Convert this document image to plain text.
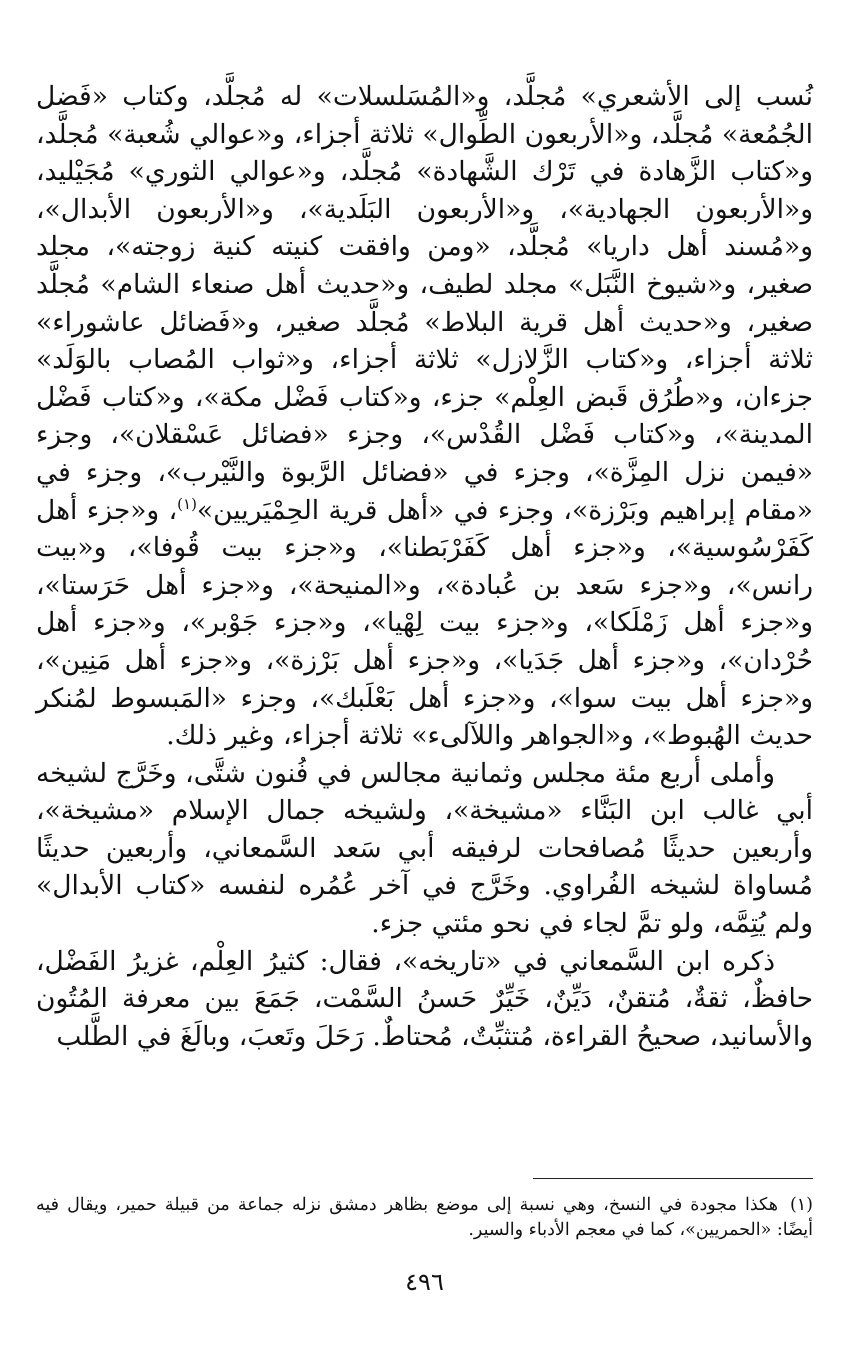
نُسب إلى الأشعري» مُجلَّد، و«المُسَلسلات» له مُجلَّد، وكتاب «فَضل الجُمُعة» مُجلَّد، و«الأربعون الطِّوال» ثلاثة أجزاء، و«عوالي شُعبة» مُجلَّد، و«كتاب الزَّهادة في تَرْك الشَّهادة» مُجلَّد، و«عوالي الثوري» مُجَيْليد، و«الأربعون الجهادية»، و«الأربعون البَلَدية»، و«الأربعون الأبدال»، و«مُسند أهل داريا» مُجلَّد، «ومن وافقت كنيته كنية زوجته»، مجلد صغير، و«شيوخ النَّبَل» مجلد لطيف، و«حديث أهل صنعاء الشام» مُجلَّد صغير، و«حديث أهل قرية البلاط» مُجلَّد صغير، و«فَضائل عاشوراء» ثلاثة أجزاء، و«كتاب الزَّلازل» ثلاثة أجزاء، و«ثواب المُصاب بالوَلَد» جزءان، و«طُرُق قَبض العِلْم» جزء، و«كتاب فَضْل مكة»، و«كتاب فَضْل المدينة»، و«كتاب فَضْل القُدْس»، وجزء «فضائل عَسْقلان»، وجزء «فيمن نزل المِزَّة»، وجزء في «فضائل الرَّبوة والنَّيْرب»، وجزء في «مقام إبراهيم وبَرْزة»، وجزء في «أهل قرية الحِمْيَريين»$^{(١)}$، و«جزء أهل كَفَرْسُوسية»، و«جزء أهل كَفَرْبَطنا»، و«جزء بيت قُوفا»، و«بيت رانس»، و«جزء سَعد بن عُبادة»، و«المنيحة»، و«جزء أهل حَرَستا»، و«جزء أهل زَمْلَكا»، و«جزء بيت لِهْيا»، و«جزء جَوْبر»، و«جزء أهل حُرْدان»، و«جزء أهل جَدَيا»، و«جزء أهل بَرْزة»، و«جزء أهل مَنِين»، و«جزء أهل بيت سوا»، و«جزء أهل بَعْلَبك»، وجزء «المَبسوط لمُنكر حديث الهُبوط»، و«الجواهر واللآلىء» ثلاثة أجزاء، وغير ذلك.

وأملى أربع مئة مجلس وثمانية مجالس في فُنون شتَّى، وخَرَّج لشيخه أبي غالب ابن البَنَّاء «مشيخة»، ولشيخه جمال الإسلام «مشيخة»، وأربعين حديثًا مُصافحات لرفيقه أبي سَعد السَّمعاني، وأربعين حديثًا مُساواة لشيخه الفُراوي. وخَرَّج في آخر عُمُره لنفسه «كتاب الأبدال» ولم يُتِمَّه، ولو تمَّ لجاء في نحو مئتي جزء.

ذكره ابن السَّمعاني في «تاريخه»، فقال: كثيرُ العِلْم، غزيرُ الفَضْل، حافظٌ، ثقةٌ، مُتقنٌ، دَيِّنٌ، خَيِّرٌ حَسنُ السَّمْت، جَمَعَ بين معرفة المُتُون والأسانيد، صحيحُ القراءة، مُتثبِّتٌ، مُحتاطٌ. رَحَلَ وتَعبَ، وبالَغَ في الطَّلب

(١)هكذا مجودة في النسخ، وهي نسبة إلى موضع بظاهر دمشق نزله جماعة من قبيلة حمير، ويقال فيه أيضًا: «الحمريين»، كما في معجم الأدباء والسير.
٤٩٦
